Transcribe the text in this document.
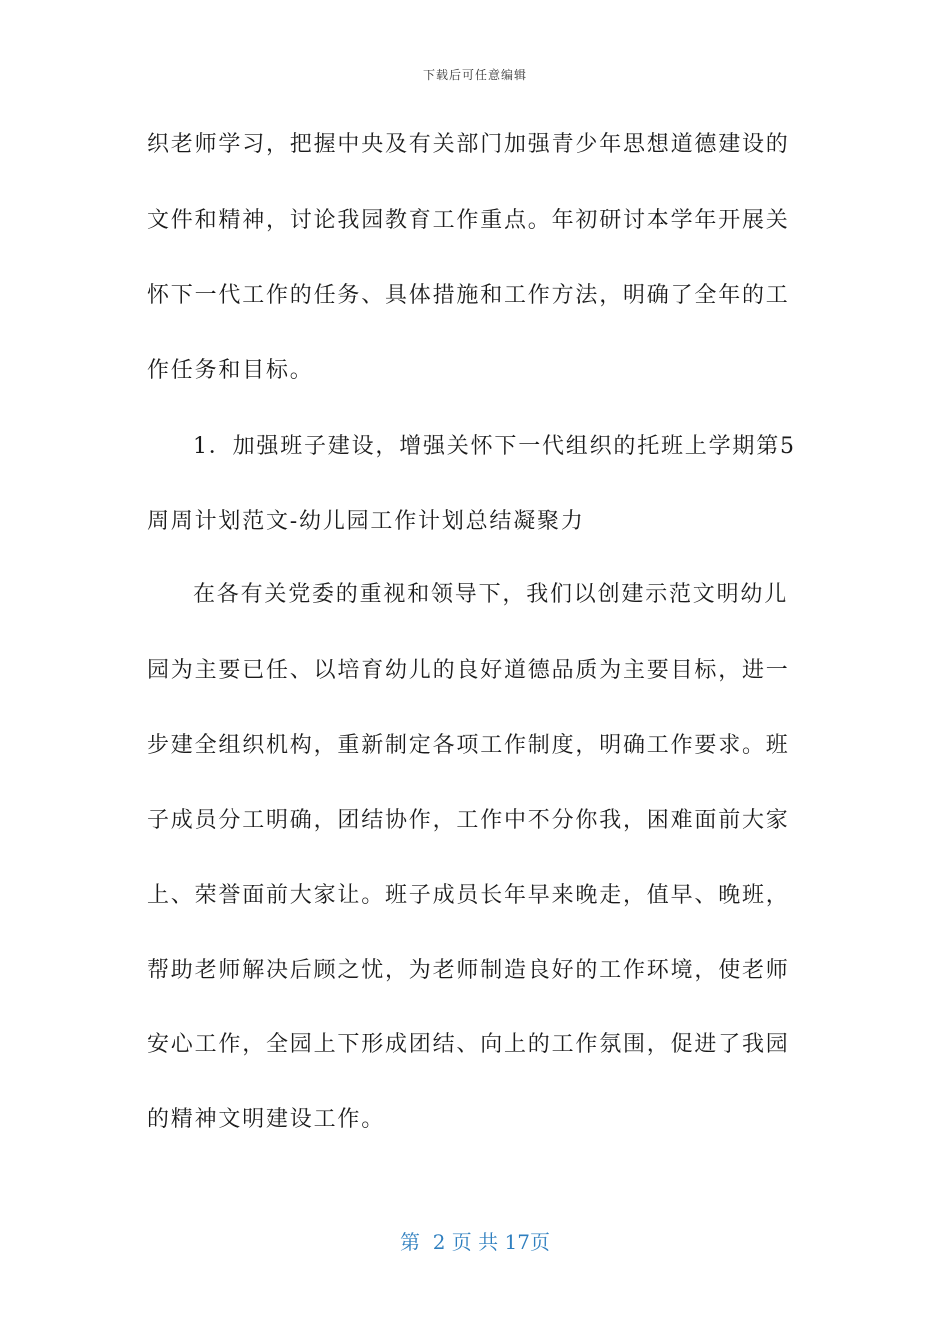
下载后可任意编辑
织老师学习，把握中央及有关部门加强青少年思想道德建设的
文件和精神，讨论我园教育工作重点。年初研讨本学年开展关
怀下一代工作的任务、具体措施和工作方法，明确了全年的工
作任务和目标。
1．加强班子建设，增强关怀下一代组织的托班上学期第5
周周计划范文-幼儿园工作计划总结凝聚力
在各有关党委的重视和领导下，我们以创建示范文明幼儿
园为主要已任、以培育幼儿的良好道德品质为主要目标，进一
步建全组织机构，重新制定各项工作制度，明确工作要求。班
子成员分工明确，团结协作，工作中不分你我，困难面前大家
上、荣誉面前大家让。班子成员长年早来晚走，值早、晚班，
帮助老师解决后顾之忧，为老师制造良好的工作环境，使老师
安心工作，全园上下形成团结、向上的工作氛围，促进了我园
的精神文明建设工作。
第  2 页 共 17页
